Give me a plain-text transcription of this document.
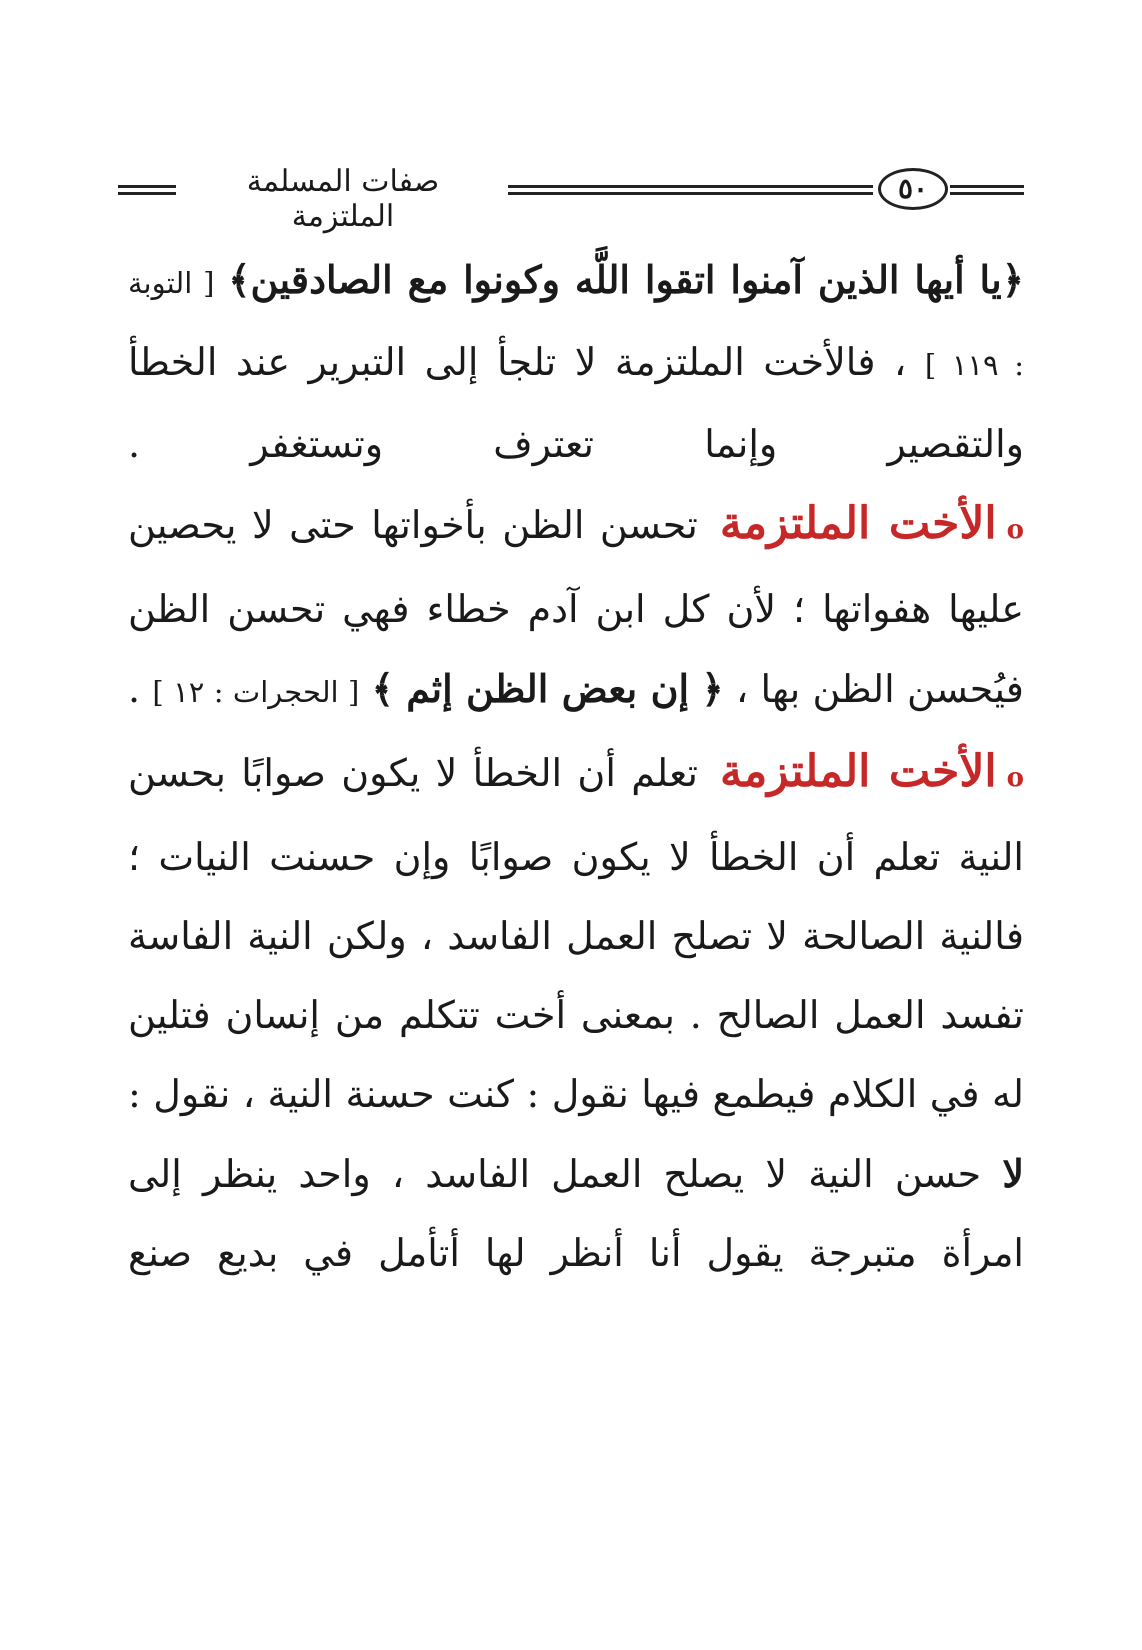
صفات المسلمة الملتزمة
٥٠

﴿يا أيها الذين آمنوا اتقوا اللَّه وكونوا مع الصادقين﴾ [ التوبة : ١١٩ ] ، فالأخت الملتزمة لا تلجأ إلى التبرير عند الخطأ والتقصير وإنما تعترف وتستغفر .

oالأخت الملتزمةتحسن الظن بأخواتها حتى لا يحصين عليها هفواتها ؛ لأن كل ابن آدم خطاء فهي تحسن الظن فيُحسن الظن بها ، ﴿ إن بعض الظن إثم ﴾ [ الحجرات : ١٢ ] .

oالأخت الملتزمةتعلم أن الخطأ لا يكون صوابًا بحسن النية تعلم أن الخطأ لا يكون صوابًا وإن حسنت النيات ؛ فالنية الصالحة لا تصلح العمل الفاسد ، ولكن النية الفاسة تفسد العمل الصالح . بمعنى أخت تتكلم من إنسان فتلين له في الكلام فيطمع فيها نقول : كنت حسنة النية ، نقول : لا حسن النية لا يصلح العمل الفاسد ، واحد ينظر إلى امرأة متبرجة يقول أنا أنظر لها أتأمل في بديع صنع
